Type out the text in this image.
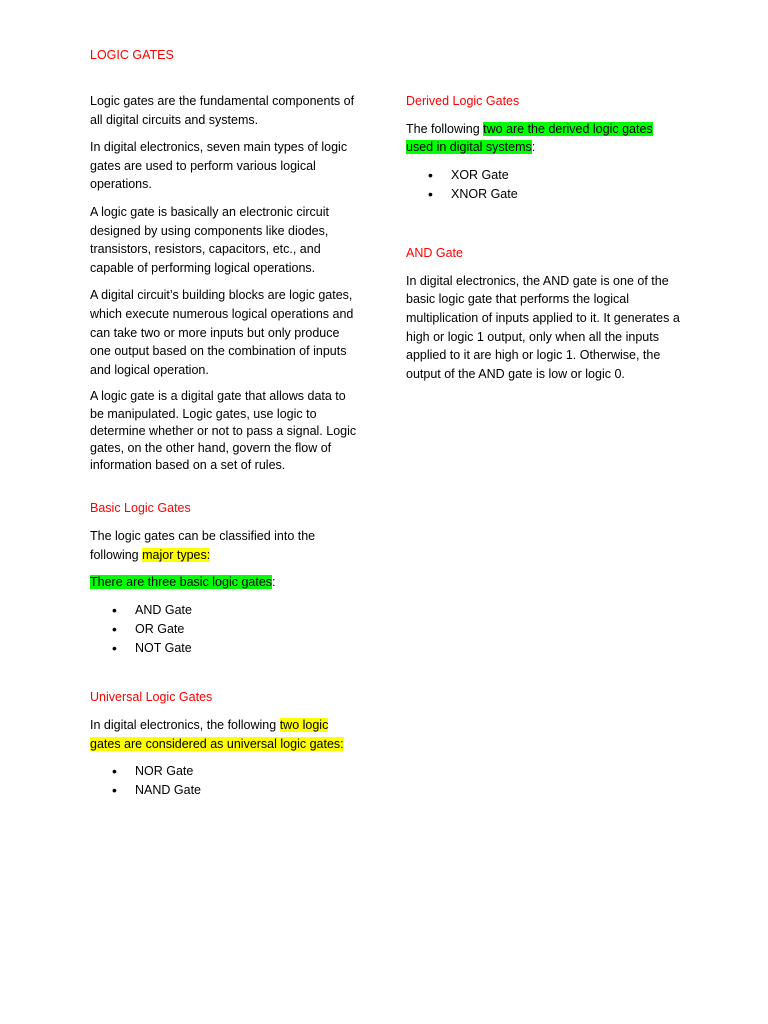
LOGIC GATES

Logic gates are the fundamental components of all digital circuits and systems.

In digital electronics, seven main types of logic gates are used to perform various logical operations.

A logic gate is basically an electronic circuit designed by using components like diodes, transistors, resistors, capacitors, etc., and capable of performing logical operations.

A digital circuit’s building blocks are logic gates, which execute numerous logical operations and can take two or more inputs but only produce one output based on the combination of inputs and logical operation.

A logic gate is a digital gate that allows data to be manipulated. Logic gates, use logic to determine whether or not to pass a signal. Logic gates, on the other hand, govern the flow of information based on a set of rules.

Basic Logic Gates

The logic gates can be classified into the following major types:

There are three basic logic gates:

• AND Gate
• OR Gate
• NOT Gate

Universal Logic Gates

In digital electronics, the following two logic gates are considered as universal logic gates:

• NOR Gate
• NAND Gate

Derived Logic Gates

The following two are the derived logic gates used in digital systems:

• XOR Gate
• XNOR Gate

AND Gate

In digital electronics, the AND gate is one of the basic logic gate that performs the logical multiplication of inputs applied to it. It generates a high or logic 1 output, only when all the inputs applied to it are high or logic 1. Otherwise, the output of the AND gate is low or logic 0.
